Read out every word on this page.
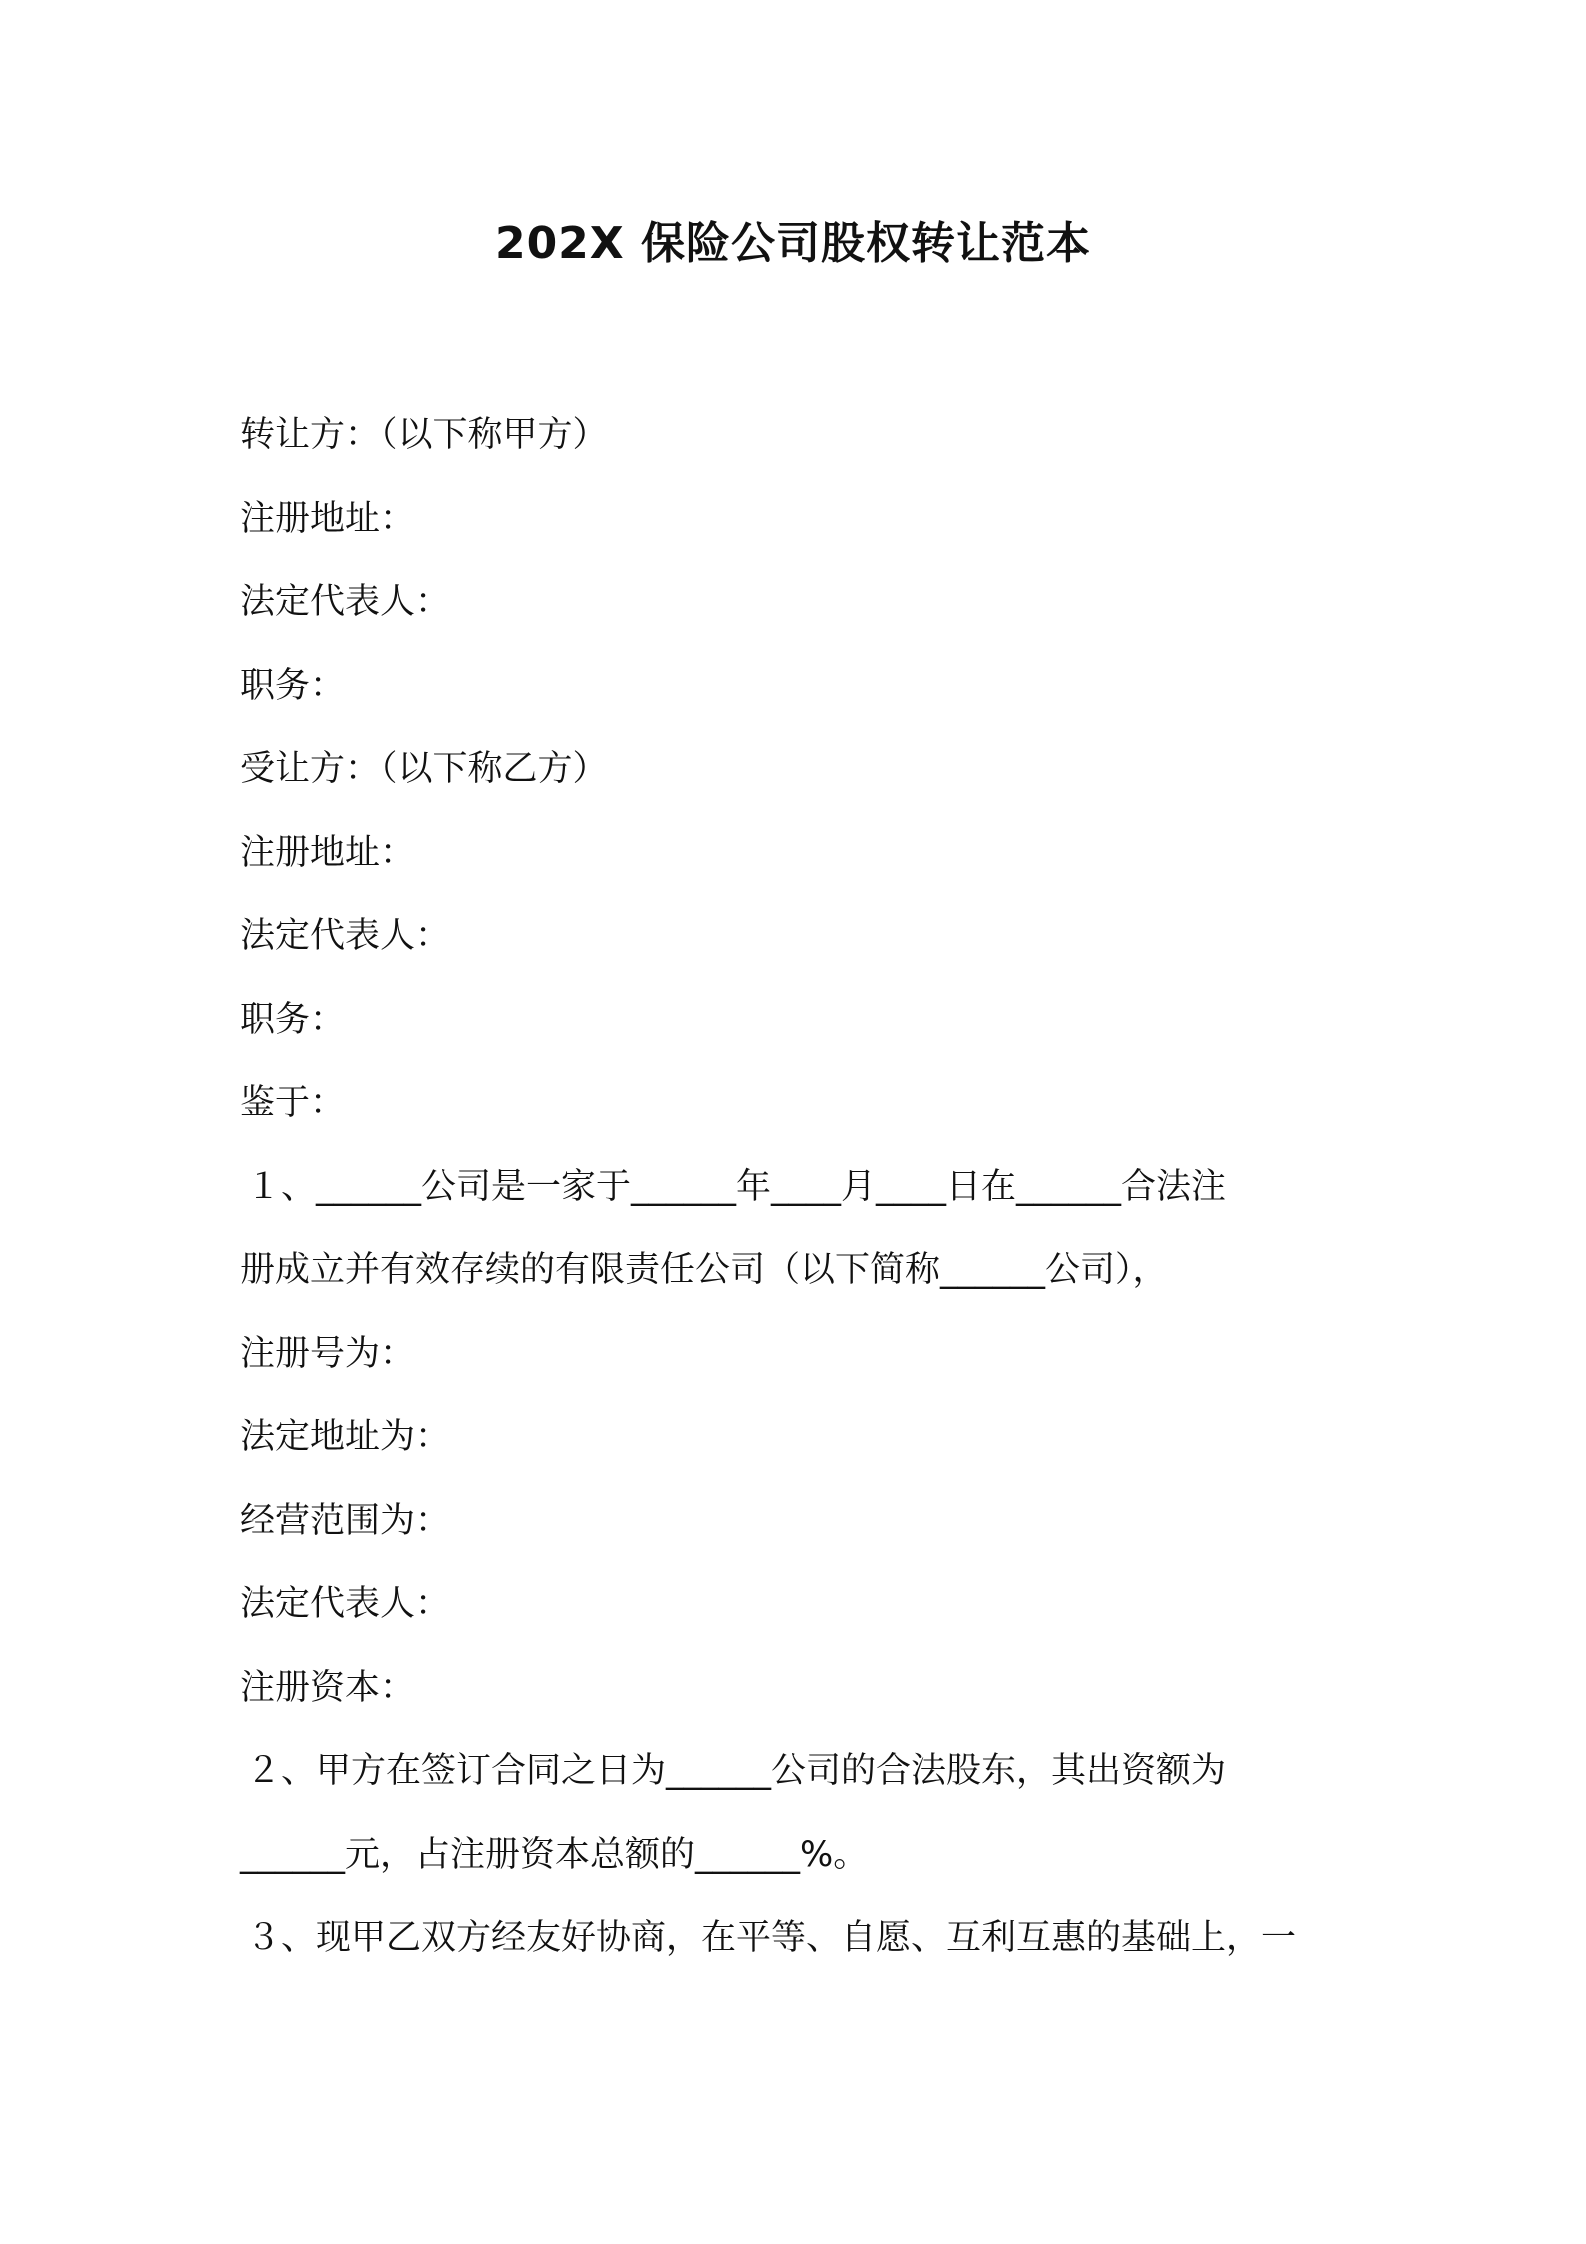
202X 保险公司股权转让范本
转让方：（以下称甲方）
注册地址：
法定代表人：
职务：
受让方：（以下称乙方）
注册地址：
法定代表人：
职务：
鉴于：
１、______公司是一家于______年____月____日在______合法注
册成立并有效存续的有限责任公司（以下简称______公司），
注册号为：
法定地址为：
经营范围为：
法定代表人：
注册资本：
２、甲方在签订合同之日为______公司的合法股东，其出资额为
______元，占注册资本总额的______%。
３、现甲乙双方经友好协商，在平等、自愿、互利互惠的基础上，一
